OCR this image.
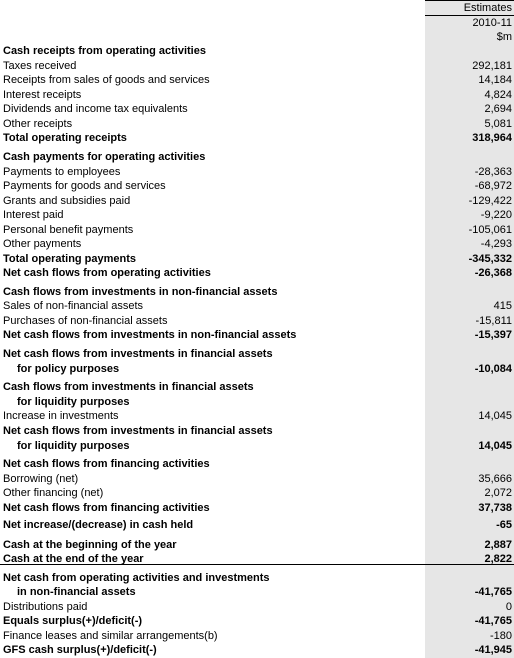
Estimates
2010-11
$m
Cash receipts from operating activities
Taxes received	292,181
Receipts from sales of goods and services	14,184
Interest receipts	4,824
Dividends and income tax equivalents	2,694
Other receipts	5,081
Total operating receipts	318,964
Cash payments for operating activities
Payments to employees	-28,363
Payments for goods and services	-68,972
Grants and subsidies paid	-129,422
Interest paid	-9,220
Personal benefit payments	-105,061
Other payments	-4,293
Total operating payments	-345,332
Net cash flows from operating activities	-26,368
Cash flows from investments in non-financial assets
Sales of non-financial assets	415
Purchases of non-financial assets	-15,811
Net cash flows from investments in non-financial assets	-15,397
Net cash flows from investments in financial assets
for policy purposes	-10,084
Cash flows from investments in financial assets
for liquidity purposes
Increase in investments	14,045
Net cash flows from investments in financial assets
for liquidity purposes	14,045
Net cash flows from financing activities
Borrowing (net)	35,666
Other financing (net)	2,072
Net cash flows from financing activities	37,738
Net increase/(decrease) in cash held	-65
Cash at the beginning of the year	2,887
Cash at the end of the year	2,822
Net cash from operating activities and investments
in non-financial assets	-41,765
Distributions paid	0
Equals surplus(+)/deficit(-)	-41,765
Finance leases and similar arrangements(b)	-180
GFS cash surplus(+)/deficit(-)	-41,945
